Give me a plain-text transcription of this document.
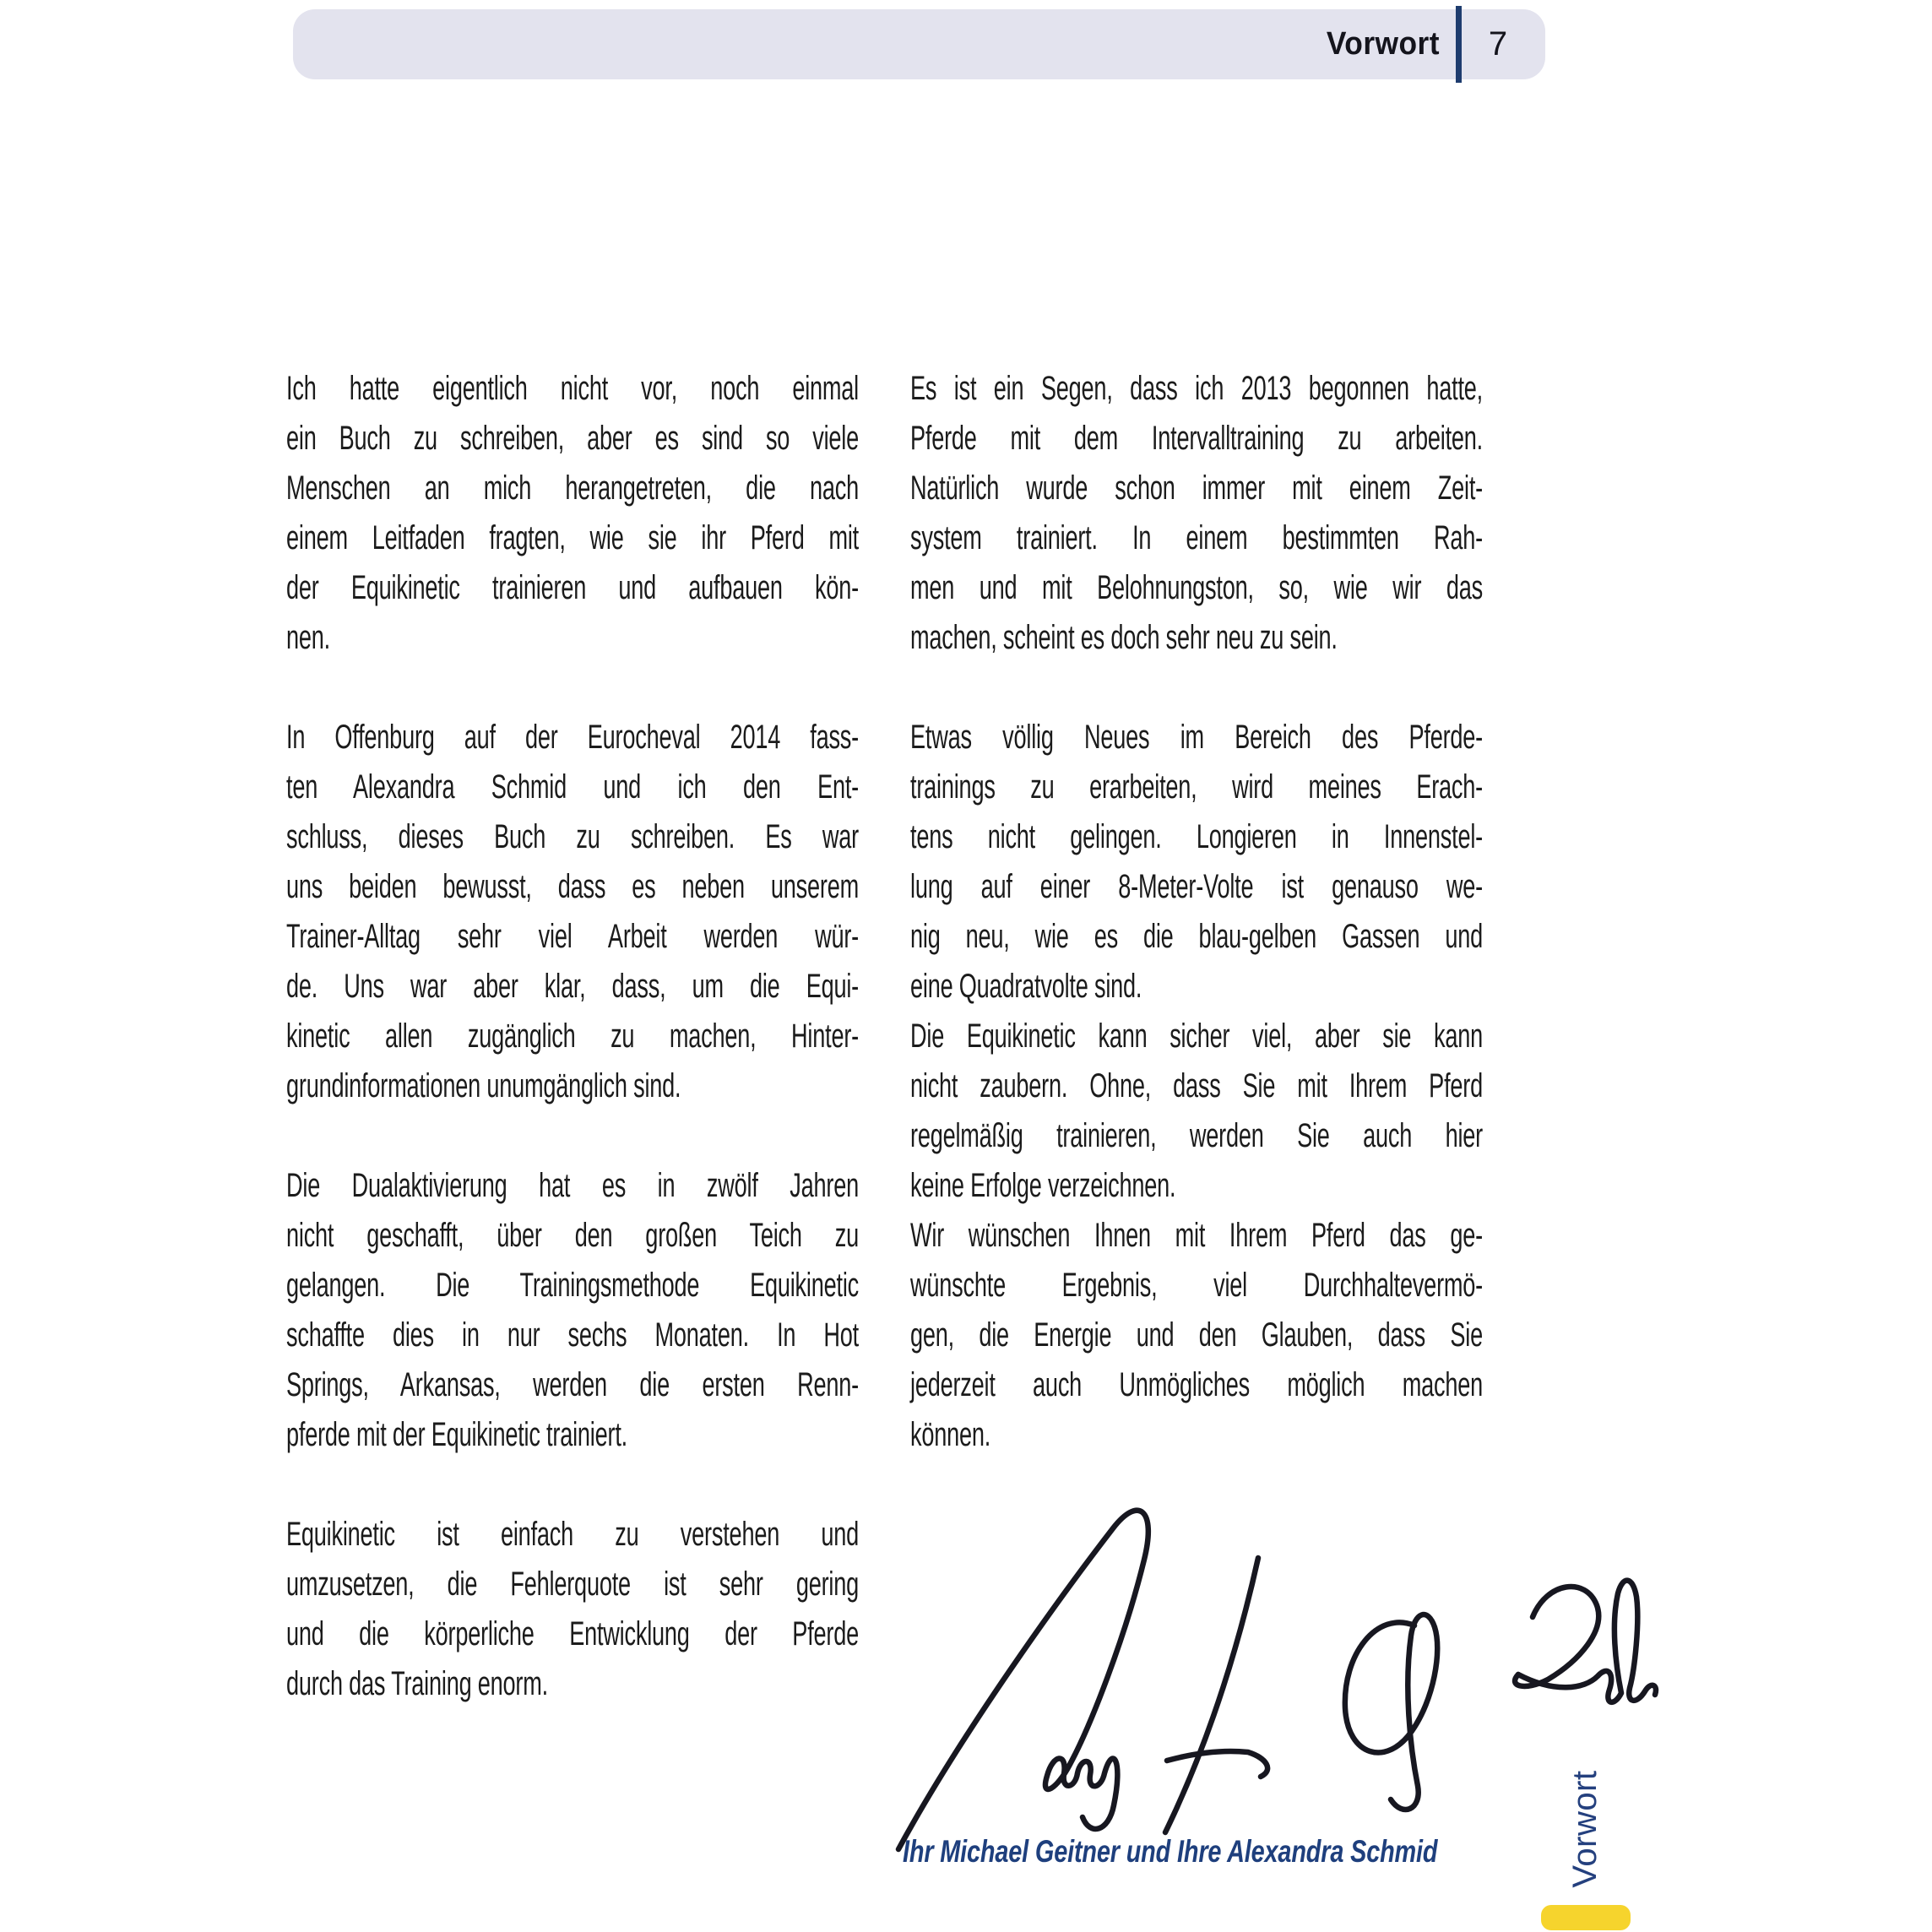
Vorwort	7
Ich hatte eigentlich nicht vor, noch einmal
ein Buch zu schreiben, aber es sind so viele
Menschen an mich herangetreten, die nach
einem Leitfaden fragten, wie sie ihr Pferd mit
der Equikinetic trainieren und aufbauen kön-
nen.
In Offenburg auf der Eurocheval 2014 fass-
ten Alexandra Schmid und ich den Ent-
schluss, dieses Buch zu schreiben. Es war
uns beiden bewusst, dass es neben unserem
Trainer-Alltag sehr viel Arbeit werden wür-
de. Uns war aber klar, dass, um die Equi-
kinetic allen zugänglich zu machen, Hinter-
grundinformationen unumgänglich sind.
Die Dualaktivierung hat es in zwölf Jahren
nicht geschafft, über den großen Teich zu
gelangen. Die Trainingsmethode Equikinetic
schaffte dies in nur sechs Monaten. In Hot
Springs, Arkansas, werden die ersten Renn-
pferde mit der Equikinetic trainiert.
Equikinetic ist einfach zu verstehen und
umzusetzen, die Fehlerquote ist sehr gering
und die körperliche Entwicklung der Pferde
durch das Training enorm.
Es ist ein Segen, dass ich 2013 begonnen hatte,
Pferde mit dem Intervalltraining zu arbeiten.
Natürlich wurde schon immer mit einem Zeit-
system trainiert. In einem bestimmten Rah-
men und mit Belohnungston, so, wie wir das
machen, scheint es doch sehr neu zu sein.
Etwas völlig Neues im Bereich des Pferde-
trainings zu erarbeiten, wird meines Erach-
tens nicht gelingen. Longieren in Innenstel-
lung auf einer 8-Meter-Volte ist genauso we-
nig neu, wie es die blau-gelben Gassen und
eine Quadratvolte sind.
Die Equikinetic kann sicher viel, aber sie kann
nicht zaubern. Ohne, dass Sie mit Ihrem Pferd
regelmäßig trainieren, werden Sie auch hier
keine Erfolge verzeichnen.
Wir wünschen Ihnen mit Ihrem Pferd das ge-
wünschte Ergebnis, viel Durchhaltevermö-
gen, die Energie und den Glauben, dass Sie
jederzeit auch Unmögliches möglich machen
können.
Ihr Michael Geitner und Ihre Alexandra Schmid	Vorwort
